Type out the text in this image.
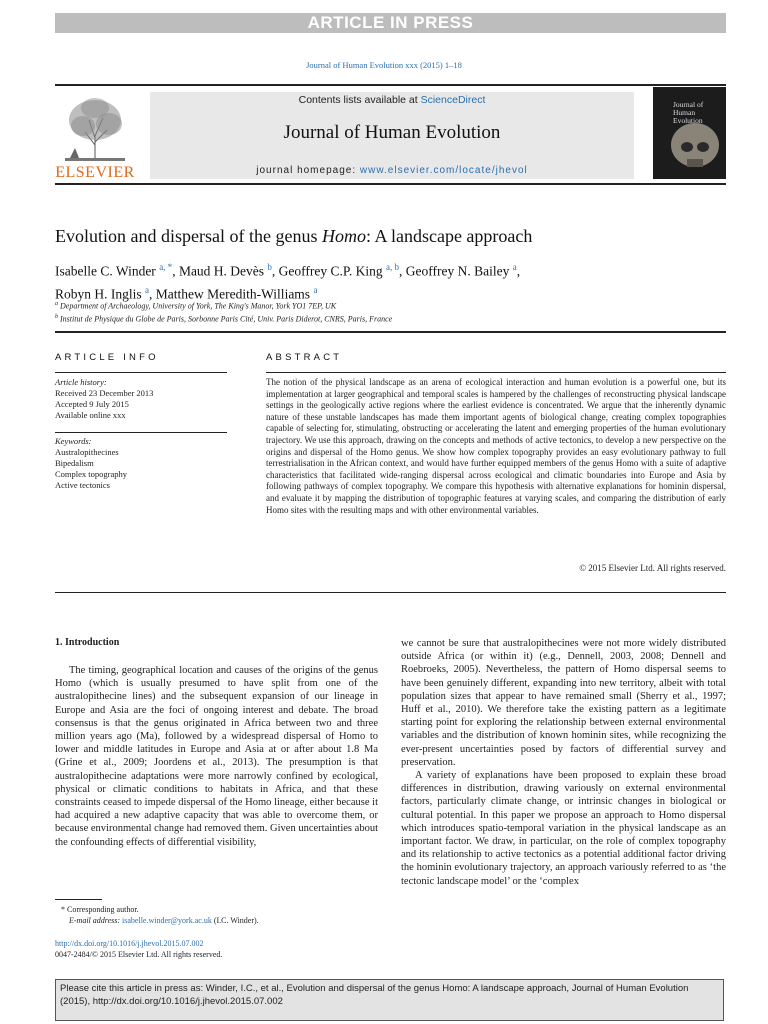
ARTICLE IN PRESS
Journal of Human Evolution xxx (2015) 1–18
ELSEVIER
Contents lists available at ScienceDirect
Journal of Human Evolution
journal homepage: www.elsevier.com/locate/jhevol
Journal of Human Evolution
Evolution and dispersal of the genus Homo: A landscape approach
Isabelle C. Winder $^{a, *}$, Maud H. Devès $^b$, Geoffrey C.P. King $^{a, b}$, Geoffrey N. Bailey $^a$,
Robyn H. Inglis $^a$, Matthew Meredith-Williams $^a$
$^a$ Department of Archaeology, University of York, The King's Manor, York YO1 7EP, UK
$^b$ Institut de Physique du Globe de Paris, Sorbonne Paris Cité, Univ. Paris Diderot, CNRS, Paris, France
ARTICLE INFO
Article history:
Received 23 December 2013
Accepted 9 July 2015
Available online xxx
Keywords:
Australopithecines
Bipedalism
Complex topography
Active tectonics
ABSTRACT
The notion of the physical landscape as an arena of ecological interaction and human evolution is a powerful one, but its implementation at larger geographical and temporal scales is hampered by the challenges of reconstructing physical landscape settings in the geologically active regions where the earliest evidence is concentrated. We argue that the inherently dynamic nature of these unstable landscapes has made them important agents of biological change, creating complex topographies capable of selecting for, stimulating, obstructing or accelerating the latent and emerging properties of the human evolutionary trajectory. We use this approach, drawing on the concepts and methods of active tectonics, to develop a new perspective on the origins and dispersal of the Homo genus. We show how complex topography provides an easy evolutionary pathway to full terrestrialisation in the African context, and would have further equipped members of the genus Homo with a suite of adaptive characteristics that facilitated wide-ranging dispersal across ecological and climatic boundaries into Europe and Asia by following pathways of complex topography. We compare this hypothesis with alternative explanations for hominin dispersal, and evaluate it by mapping the distribution of topographic features at varying scales, and comparing the distribution of early Homo sites with the resulting maps and with other environmental variables.
© 2015 Elsevier Ltd. All rights reserved.
1. Introduction

The timing, geographical location and causes of the origins of the genus Homo (which is usually presumed to have split from one of the australopithecine lines) and the subsequent expansion of our lineage in Europe and Asia are the foci of ongoing interest and debate. The broad consensus is that the genus originated in Africa between two and three million years ago (Ma), followed by a widespread dispersal of Homo to lower and middle latitudes in Europe and Asia at or after about 1.8 Ma (Grine et al., 2009; Joordens et al., 2013). The presumption is that australopithecine adaptations were more narrowly confined by ecological, physical or climatic conditions to habitats in Africa, and that these constraints ceased to impede dispersal of the Homo lineage, either because it had acquired a new adaptive capacity that was able to overcome them, or because environmental change had removed them. Given uncertainties about the confounding effects of differential visibility,

we cannot be sure that australopithecines were not more widely distributed outside Africa (or within it) (e.g., Dennell, 2003, 2008; Dennell and Roebroeks, 2005). Nevertheless, the pattern of Homo dispersal seems to have been genuinely different, expanding into new territory, albeit with total population sizes that appear to have remained small (Sherry et al., 1997; Huff et al., 2010). We therefore take the existing pattern as a legitimate starting point for exploring the relationship between external environmental variables and the distribution of known hominin sites, while recognizing the ever-present uncertainties posed by factors of differential survey and preservation.

A variety of explanations have been proposed to explain these broad differences in distribution, drawing variously on external environmental factors, particularly climate change, or intrinsic changes in biological or cultural potential. In this paper we propose an approach to Homo dispersal which introduces spatio-temporal variation in the physical landscape as an important factor. We draw, in particular, on the role of complex topography and its relationship to active tectonics as a potential additional factor driving the hominin evolutionary trajectory, an approach variously referred to as ‘the tectonic landscape model’ or the ‘complex

* Corresponding author.
E-mail address: isabelle.winder@york.ac.uk (I.C. Winder).
http://dx.doi.org/10.1016/j.jhevol.2015.07.002
0047-2484/© 2015 Elsevier Ltd. All rights reserved.
Please cite this article in press as: Winder, I.C., et al., Evolution and dispersal of the genus Homo: A landscape approach, Journal of Human Evolution (2015), http://dx.doi.org/10.1016/j.jhevol.2015.07.002
